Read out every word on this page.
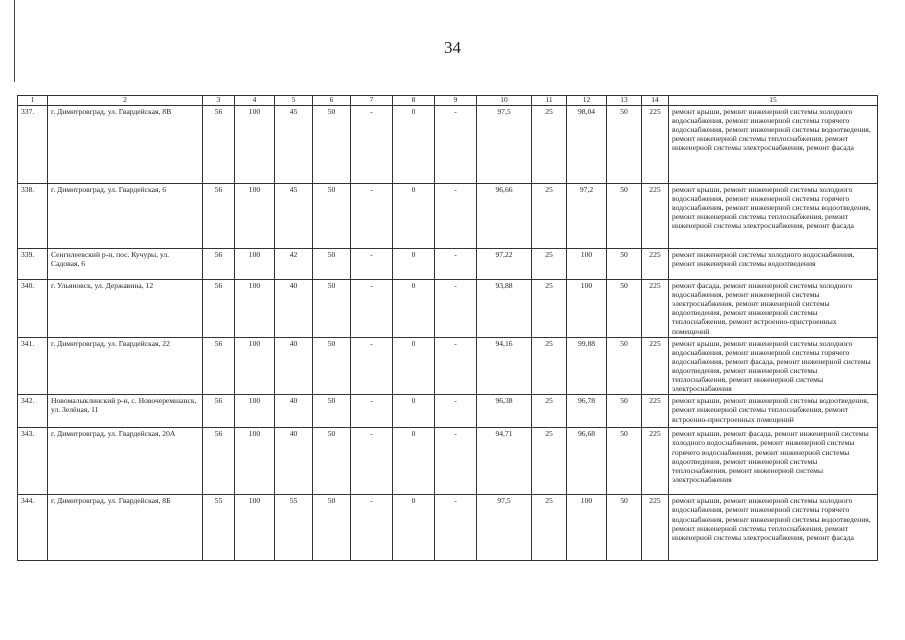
34
1	2	3	4	5	6	7	8	9	10	11	12	13	14	15
337.	г. Димитровград, ул. Гвардейская, 8В	56	100	45	50	-	0	-	97,5	25	98,04	50	225	ремонт крыши, ремонт инженерной системы холодного водоснабжения, ремонт инженерной системы горячего водоснабжения, ремонт инженерной системы водоотведения, ремонт инженерной системы теплоснабжения, ремонт инженерной системы электроснабжения, ремонт фасада
338.	г. Димитровград, ул. Гвардейская, 6	56	100	45	50	-	0	-	96,66	25	97,2	50	225	ремонт крыши, ремонт инженерной системы холодного водоснабжения, ремонт инженерной системы горячего водоснабжения, ремонт инженерной системы водоотведения, ремонт инженерной системы теплоснабжения, ремонт инженерной системы электроснабжения, ремонт фасада
339.	Сенгилеевский р-н, пос. Кучуры, ул. Садовая, 6	56	100	42	50	-	0	-	97,22	25	100	50	225	ремонт инженерной системы холодного водоснабжения, ремонт инженерной системы водоотведения
340.	г. Ульяновск, ул. Державина, 12	56	100	40	50	-	0	-	93,88	25	100	50	225	ремонт фасада, ремонт инженерной системы холодного водоснабжения, ремонт инженерной системы электроснабжения, ремонт инженерной системы водоотведения, ремонт инженерной системы теплоснабжения, ремонт встроенно-пристроенных помещений
341.	г. Димитровград, ул. Гвардейская, 22	56	100	40	50	-	0	-	94,16	25	99,88	50	225	ремонт крыши, ремонт инженерной системы холодного водоснабжения, ремонт инженерной системы горячего водоснабжения, ремонт фасада, ремонт инженерной системы водоотведения, ремонт инженерной системы теплоснабжения, ремонт инженерной системы электроснабжения
342.	Новомалыклинский р-н, с. Новочеремшанск, ул. Зелёная, 11	56	100	40	50	-	0	-	96,38	25	96,78	50	225	ремонт крыши, ремонт инженерной системы водоотведения, ремонт инженерной системы теплоснабжения, ремонт встроенно-пристроенных помещений
343.	г. Димитровград, ул. Гвардейская, 20А	56	100	40	50	-	0	-	94,71	25	96,68	50	225	ремонт крыши, ремонт фасада, ремонт инженерной системы холодного водоснабжения, ремонт инженерной системы горячего водоснабжения, ремонт инженерной системы водоотведения, ремонт инженерной системы теплоснабжения, ремонт инженерной системы электроснабжения
344.	г. Димитровград, ул. Гвардейская, 8Б	55	100	55	50	-	0	-	97,5	25	100	50	225	ремонт крыши, ремонт инженерной системы холодного водоснабжения, ремонт инженерной системы горячего водоснабжения, ремонт инженерной системы водоотведения, ремонт инженерной системы теплоснабжения, ремонт инженерной системы электроснабжения, ремонт фасада
